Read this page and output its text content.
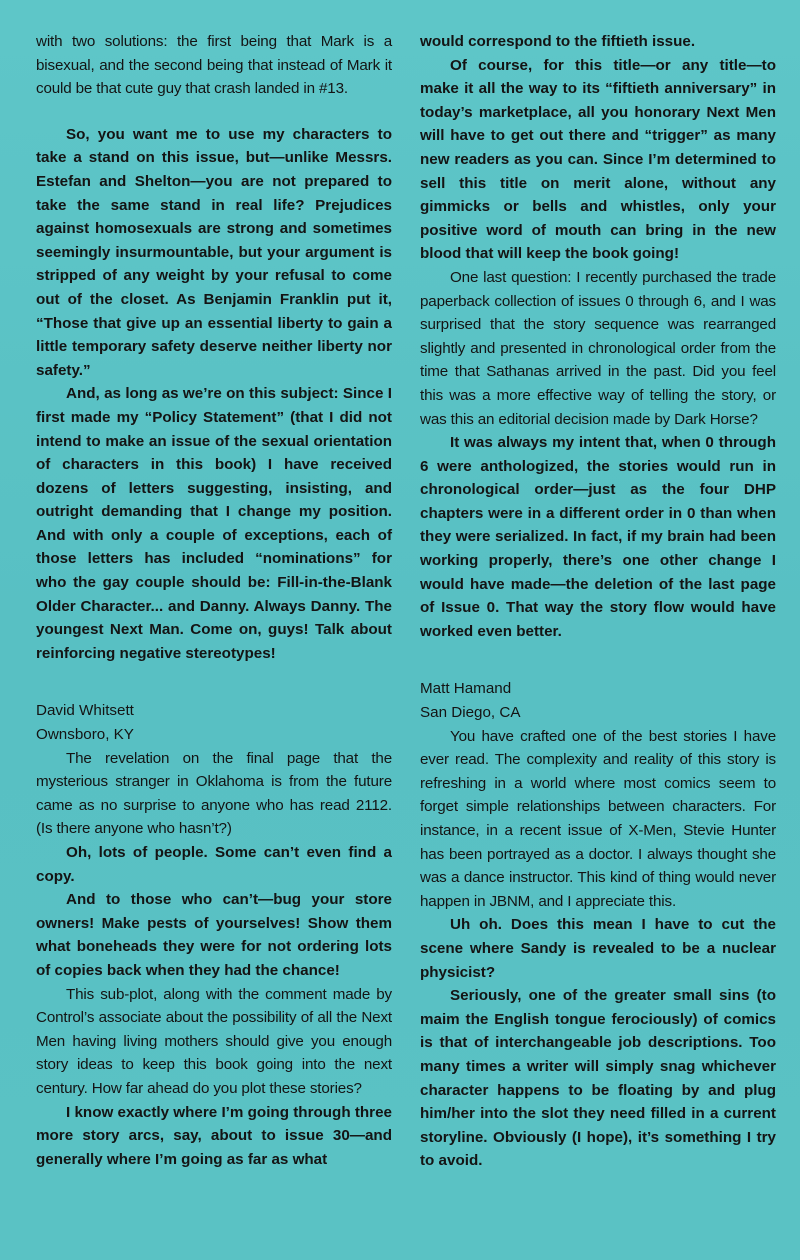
with two solutions: the first being that Mark is a bisexual, and the second being that instead of Mark it could be that cute guy that crash landed in #13.

So, you want me to use my characters to take a stand on this issue, but—unlike Messrs. Estefan and Shelton—you are not prepared to take the same stand in real life? Prejudices against homosexuals are strong and sometimes seemingly insurmountable, but your argument is stripped of any weight by your refusal to come out of the closet. As Benjamin Franklin put it, “Those that give up an essential liberty to gain a little temporary safety deserve neither liberty nor safety.”

And, as long as we’re on this subject: Since I first made my “Policy Statement” (that I did not intend to make an issue of the sexual orientation of characters in this book) I have received dozens of letters suggesting, insisting, and outright demanding that I change my position. And with only a couple of exceptions, each of those letters has included “nominations” for who the gay couple should be: Fill-in-the-Blank Older Character... and Danny. Always Danny. The youngest Next Man. Come on, guys! Talk about reinforcing negative stereotypes!

David Whitsett

Ownsboro, KY

The revelation on the final page that the mysterious stranger in Oklahoma is from the future came as no surprise to anyone who has read 2112. (Is there anyone who hasn’t?)

Oh, lots of people. Some can’t even find a copy.

And to those who can’t—bug your store owners! Make pests of yourselves! Show them what boneheads they were for not ordering lots of copies back when they had the chance!

This sub-plot, along with the comment made by Control’s associate about the possibility of all the Next Men having living mothers should give you enough story ideas to keep this book going into the next century. How far ahead do you plot these stories?

I know exactly where I’m going through three more story arcs, say, about to issue 30—and generally where I’m going as far as what

would correspond to the fiftieth issue.

Of course, for this title—or any title—to make it all the way to its “fiftieth anniversary” in today’s marketplace, all you honorary Next Men will have to get out there and “trigger” as many new readers as you can. Since I’m determined to sell this title on merit alone, without any gimmicks or bells and whistles, only your positive word of mouth can bring in the new blood that will keep the book going!

One last question: I recently purchased the trade paperback collection of issues 0 through 6, and I was surprised that the story sequence was rearranged slightly and presented in chronological order from the time that Sathanas arrived in the past. Did you feel this was a more effective way of telling the story, or was this an editorial decision made by Dark Horse?

It was always my intent that, when 0 through 6 were anthologized, the stories would run in chronological order—just as the four DHP chapters were in a different order in 0 than when they were serialized. In fact, if my brain had been working properly, there’s one other change I would have made—the deletion of the last page of Issue 0. That way the story flow would have worked even better.

Matt Hamand

San Diego, CA

You have crafted one of the best stories I have ever read. The complexity and reality of this story is refreshing in a world where most comics seem to forget simple relationships between characters. For instance, in a recent issue of X-Men, Stevie Hunter has been portrayed as a doctor. I always thought she was a dance instructor. This kind of thing would never happen in JBNM, and I appreciate this.

Uh oh. Does this mean I have to cut the scene where Sandy is revealed to be a nuclear physicist?

Seriously, one of the greater small sins (to maim the English tongue ferociously) of comics is that of interchangeable job descriptions. Too many times a writer will simply snag whichever character happens to be floating by and plug him/her into the slot they need filled in a current storyline. Obviously (I hope), it’s something I try to avoid.
